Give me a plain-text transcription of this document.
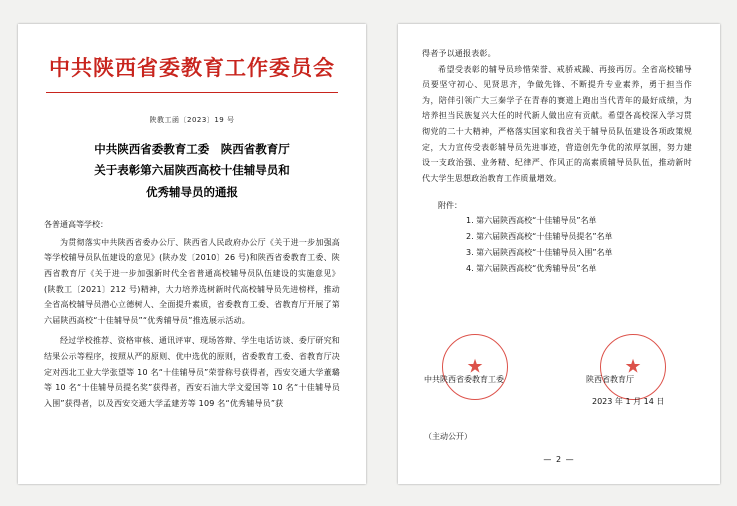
中共陕西省委教育工作委员会
陕教工函〔2023〕19 号
中共陕西省委教育工委　陕西省教育厅
关于表彰第六届陕西高校十佳辅导员和
优秀辅导员的通报
各普通高等学校：
为贯彻落实中共陕西省委办公厅、陕西省人民政府办公厅《关于进一步加强高等学校辅导员队伍建设的意见》(陕办发〔2010〕26 号)和陕西省委教育工委、陕西省教育厅《关于进一步加强新时代全省普通高校辅导员队伍建设的实施意见》(陕教工〔2021〕212 号)精神，大力培养选树新时代高校辅导员先进榜样，推动全省高校辅导员潜心立德树人、全面提升素质，省委教育工委、省教育厅开展了第六届陕西高校“十佳辅导员”“优秀辅导员”推选展示活动。
经过学校推荐、资格审核、通讯评审、现场答辩、学生电话访谈、委厅研究和结果公示等程序，按照从严的原则、优中选优的原则，省委教育工委、省教育厅决定对西北工业大学张望等 10 名“十佳辅导员”荣誉称号获得者，西安交通大学董璐等 10 名“十佳辅导员提名奖”获得者，西安石油大学文爱国等 10 名“十佳辅导员入围”获得者，以及西安交通大学孟建芳等 109 名“优秀辅导员”获
得者予以通报表彰。
希望受表彰的辅导员珍惜荣誉、戒骄戒躁、再接再厉。全省高校辅导员要坚守初心、见贤思齐，争做先锋、不断提升专业素养，勇于担当作为，陪伴引领广大三秦学子在青春的赛道上跑出当代青年的最好成绩，为培养担当民族复兴大任的时代新人做出应有贡献。希望各高校深入学习贯彻党的二十大精神，严格落实国家和我省关于辅导员队伍建设各项政策规定，大力宣传受表彰辅导员先进事迹，营造创先争优的浓厚氛围，努力建设一支政治强、业务精、纪律严、作风正的高素质辅导员队伍，推动新时代大学生思想政治教育工作质量增效。
附件：
1. 第六届陕西高校“十佳辅导员”名单
2. 第六届陕西高校“十佳辅导员提名”名单
3. 第六届陕西高校“十佳辅导员入围”名单
4. 第六届陕西高校“优秀辅导员”名单
★	★
中共陕西省委教育工委	陕西省教育厅
2023 年 1 月 14 日
（主动公开）
— 2 —
